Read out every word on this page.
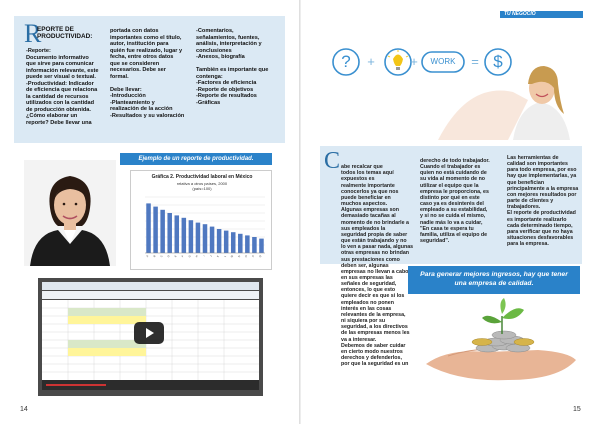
R
EPORTE DE
PRODUCTIVIDAD:
-Reporte:
Documento informativo
que sirve para comunicar
información relevante, este
puede ser visual o textual.
-Productividad: Indicador
de eficiencia que relaciona
la cantidad de recursos
utilizados con la cantidad
de producción obtenida.
¿Cómo elaborar un
reporte? Debe llevar una
portada con datos
importantes como el título,
autor, institución para
quién fue realizado, lugar y
fecha, entre otros datos
que se consideren
necesarios. Debe ser
formal.

Debe llevar:
-Introducción
-Planteamiento y
realización de la acción
-Resultados y su valoración
-Comentarios,
señalamientos, fuentes,
análisis, interpretación y
conclusiones
-Anexos, biografía

También es importante que
contenga:
-Factores de eficiencia
-Reporte de objetivos
-Reporte de resultados
-Gráficas
Ejemplo de un reporte de productividad.
Gráfica 2. Productividad laboral en México
relativa a otros países, 2000
(país=100)
A	B	C	D	E	F	G	H	I	J	K	L	M	N	O	P	Q
14
TU NEGOCIO
?	+	+	WORK	= $
C abe recalcar que
todos los temas aquí
expuestos es
realmente importante
conocerlos ya que nos
puede beneficiar en
muchos aspectos.
Algunas empresas son
demasiado tacañas al
momento de no brindarle a
sus empleados la
seguridad propia de saber
que están trabajando y no
lo ven a pasar nada, algunas
otras empresas no brindan
sus prestaciones como
deben ser, algunas
empresas no llevan a cabo
en sus empresas las
señales de seguridad,
entonces, lo que esto
quiere decir es que si los
empleados no ponen
interés en las cosas
relevantes de la empresa,
ni siquiera por su
seguridad, a los directivos
de las empresas menos les
va a interesar.
Debemos de saber cuidar
en cierto modo nuestros
derechos y defenderlos,
por que la seguridad es un

derecho de todo trabajador.
Cuando el trabajador es
quien no está cuidando de
su vida al momento de no
utilizar el equipo que la
empresa le proporciona, es
distinto por qué en este
caso ya es desinterés del
empleado a su estabilidad,
y si no se cuida el mismo,
nadie más lo va a cuidar,
"En casa te espera tu
familia, utiliza el equipo de
seguridad".
Las herramientas de
calidad son importantes
para todo empresa, por eso
hay que implementarlas, ya
que benefician
principalmente a la empresa
con mejores resultados por
parte de clientes y
trabajadores.
El reporte de productividad
es importante realizarlo
cada determinado tiempo,
para verificar que no haya
situaciones desfavorables
para la empresa.
Para generar mejores ingresos, hay que tener
una empresa de calidad.
15
